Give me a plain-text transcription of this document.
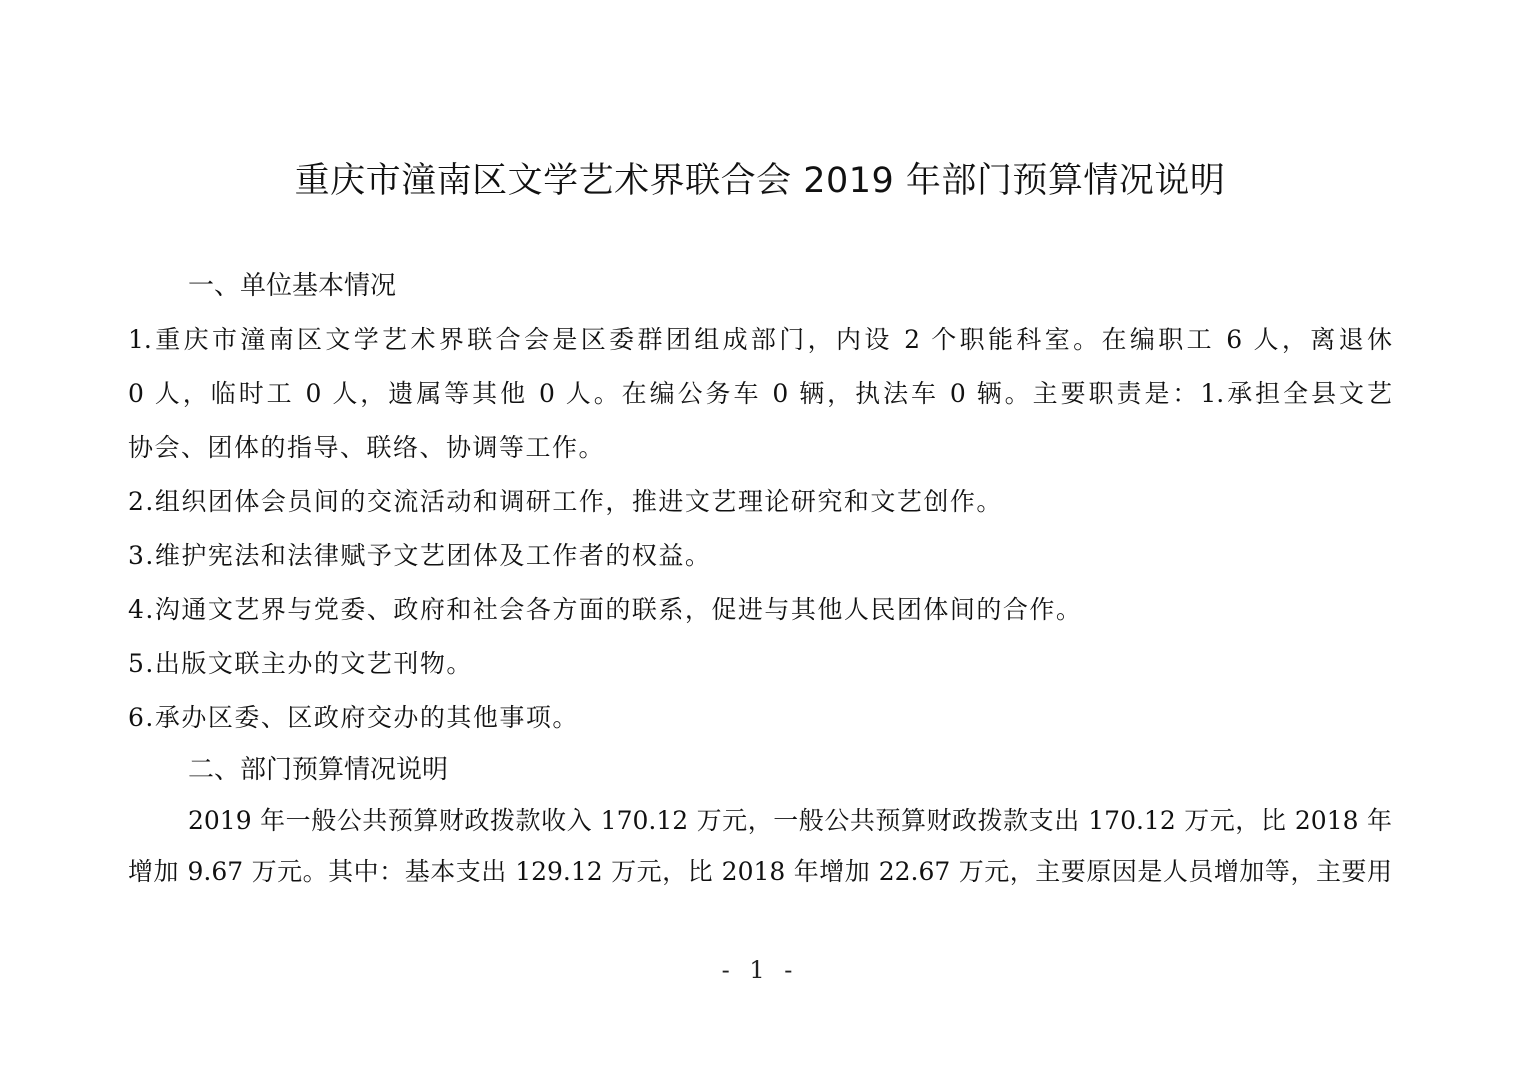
重庆市潼南区文学艺术界联合会 2019 年部门预算情况说明
一、单位基本情况
1.重庆市潼南区文学艺术界联合会是区委群团组成部门，内设 2 个职能科室。在编职工 6 人，离退休
0 人，临时工 0 人，遗属等其他 0 人。在编公务车 0 辆，执法车 0 辆。主要职责是：1.承担全县文艺
协会、团体的指导、联络、协调等工作。
2.组织团体会员间的交流活动和调研工作，推进文艺理论研究和文艺创作。
3.维护宪法和法律赋予文艺团体及工作者的权益。
4.沟通文艺界与党委、政府和社会各方面的联系，促进与其他人民团体间的合作。
5.出版文联主办的文艺刊物。
6.承办区委、区政府交办的其他事项。
二、部门预算情况说明
2019 年一般公共预算财政拨款收入 170.12 万元，一般公共预算财政拨款支出 170.12 万元，比 2018 年
增加 9.67 万元。其中：基本支出 129.12 万元，比 2018 年增加 22.67 万元，主要原因是人员增加等，主要用
- 1 -
